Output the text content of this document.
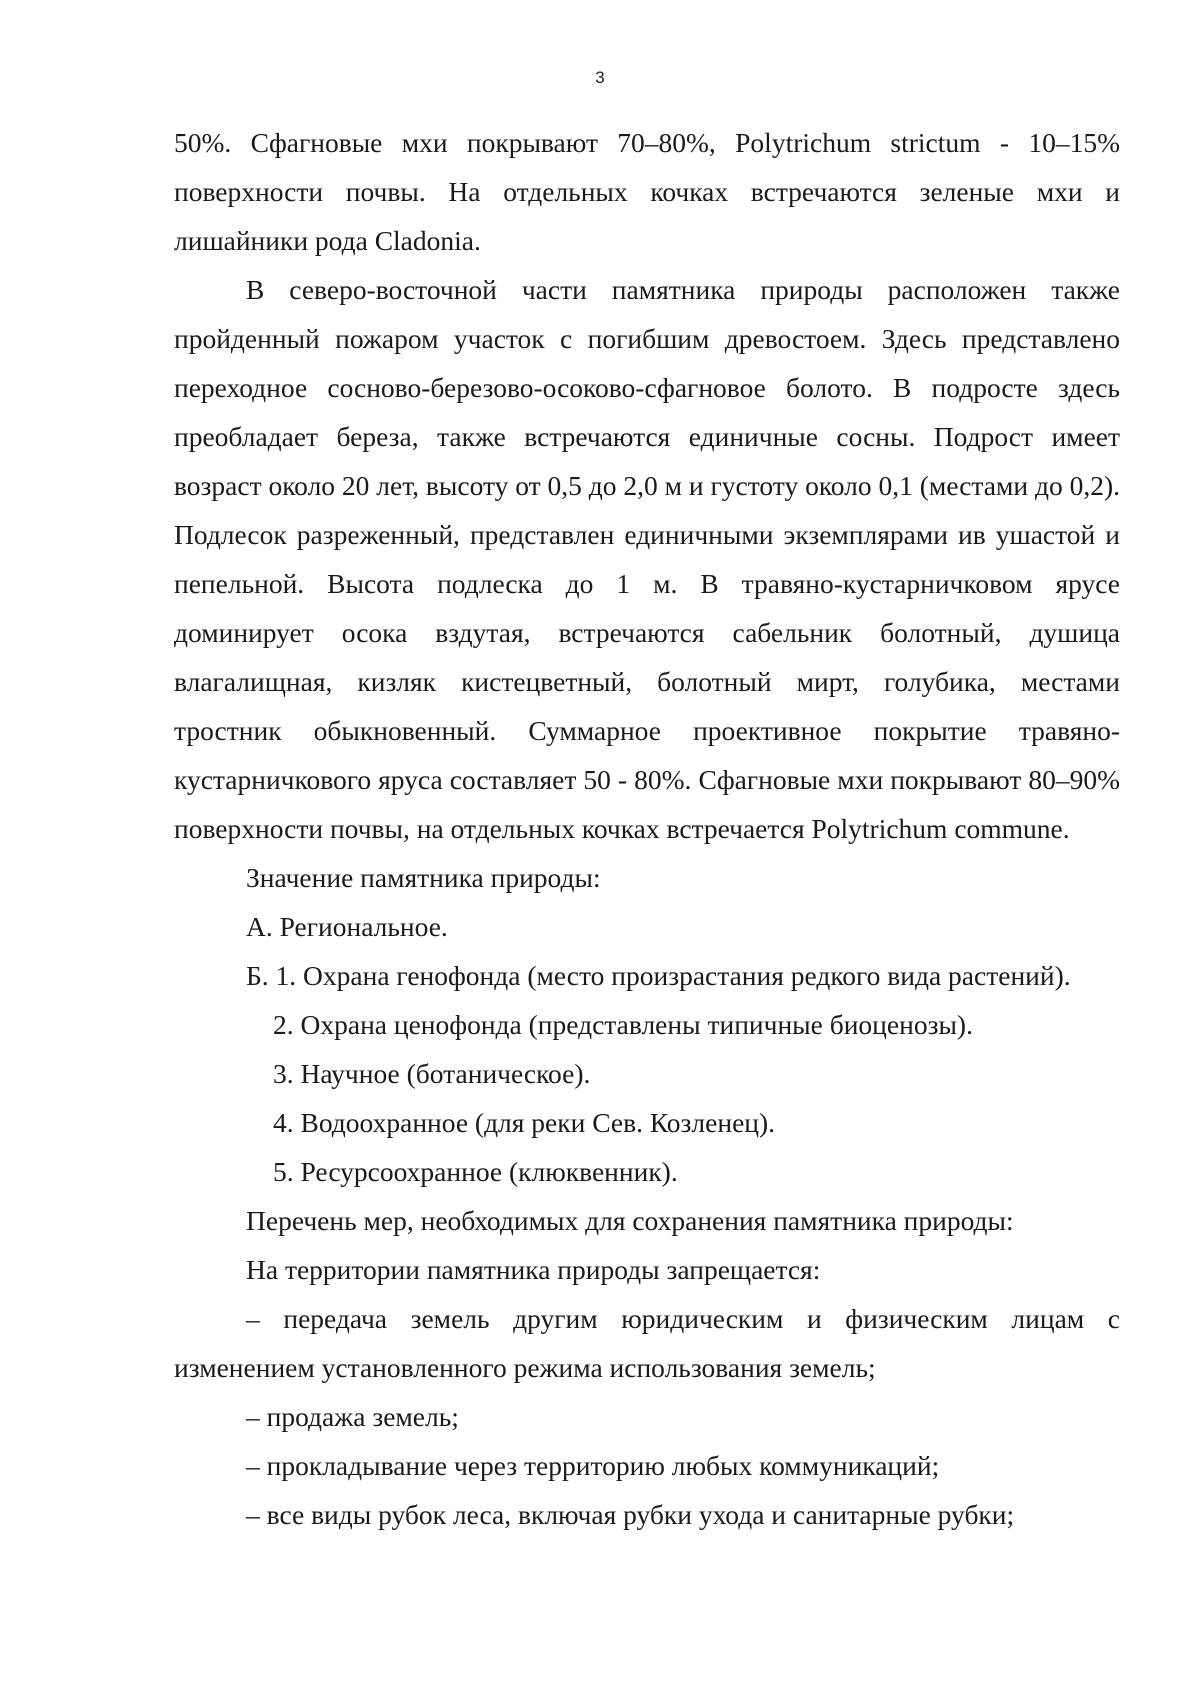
3

50%. Сфагновые мхи покрывают 70–80%, Polytrichum strictum - 10–15% поверхности почвы. На отдельных кочках встречаются зеленые мхи и лишайники рода Cladonia.

В северо-восточной части памятника природы расположен также пройденный пожаром участок с погибшим древостоем. Здесь представлено переходное сосново-березово-осоково-сфагновое болото. В подросте здесь преобладает береза, также встречаются единичные сосны. Подрост имеет возраст около 20 лет, высоту от 0,5 до 2,0 м и густоту около 0,1 (местами до 0,2). Подлесок разреженный, представлен единичными экземплярами ив ушастой и пепельной. Высота подлеска до 1 м. В травяно-кустарничковом ярусе доминирует осока вздутая, встречаются сабельник болотный, душица влагалищная, кизляк кистецветный, болотный мирт, голубика, местами тростник обыкновенный. Суммарное проективное покрытие травяно-кустарничкового яруса составляет 50 - 80%. Сфагновые мхи покрывают 80–90% поверхности почвы, на отдельных кочках встречается Polytrichum commune.

Значение памятника природы:

А. Региональное.

Б. 1. Охрана генофонда (место произрастания редкого вида растений).

2. Охрана ценофонда (представлены типичные биоценозы).

3. Научное (ботаническое).

4. Водоохранное (для реки Сев. Козленец).

5. Ресурсоохранное (клюквенник).

Перечень мер, необходимых для сохранения памятника природы:

На территории памятника природы запрещается:

– передача земель другим юридическим и физическим лицам с изменением установленного режима использования земель;

– продажа земель;

– прокладывание через территорию любых коммуникаций;

– все виды рубок леса, включая рубки ухода и санитарные рубки;
